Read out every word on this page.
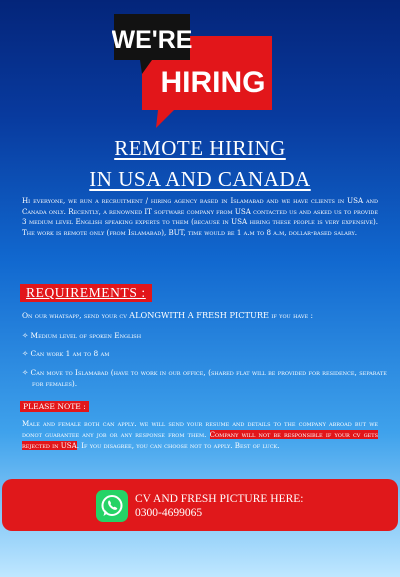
WE'RE
HIRING
REMOTE HIRING
IN USA AND CANADA
Hi everyone, we run a recruitment / hiring agency based in Islamabad and we have clients in USA and Canada only. Recently, a renowned IT software company from USA contacted us and asked us to provide 3 medium level English speaking experts to them (because in USA hiring these people is very expensive). The work is remote only (from Islamabad), BUT, time would be 1 a.m to 8 a.m, dollar-based salary.
REQUIREMENTS :
On our whatsapp, send your cv ALONGWITH A FRESH PICTURE if you have :
✧ Medium level of spoken English
✧ Can work 1 am to 8 am
✧ Can move to Islamabad (have to work in our office, (shared flat will be provided for residence, separate for females).
PLEASE NOTE :
Male and female both can apply. we will send your resume and details to the company abroad but we donot guarantee any job or any response from them. Company will not be responsible if your cv gets rejected in USA. If you disagree, you can choose not to apply. Best of luck.
CV AND FRESH PICTURE HERE:
0300-4699065
